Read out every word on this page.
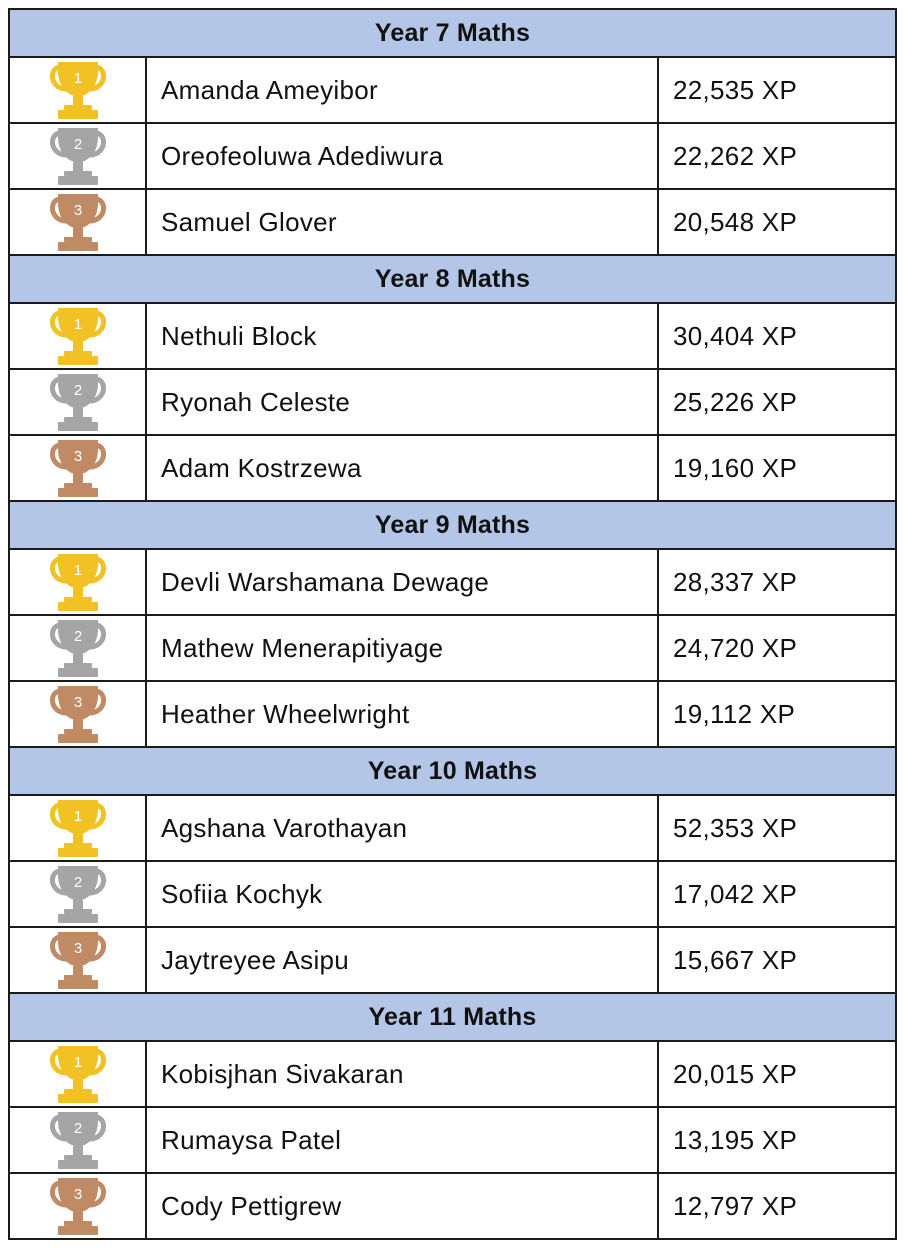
Year 7 Maths		

1	Amanda Ameyibor	22,535 XP

2	Oreofeoluwa Adediwura	22,262 XP

3	Samuel Glover	20,548 XP
Year 8 Maths		

1	Nethuli Block	30,404 XP

2	Ryonah Celeste	25,226 XP

3	Adam Kostrzewa	19,160 XP
Year 9 Maths		

1	Devli Warshamana Dewage	28,337 XP

2	Mathew Menerapitiyage	24,720 XP

3	Heather Wheelwright	19,112 XP
Year 10 Maths		

1	Agshana Varothayan	52,353 XP

2	Sofiia Kochyk	17,042 XP

3	Jaytreyee Asipu	15,667 XP
Year 11 Maths		

1	Kobisjhan Sivakaran	20,015 XP

2	Rumaysa Patel	13,195 XP

3	Cody Pettigrew	12,797 XP
